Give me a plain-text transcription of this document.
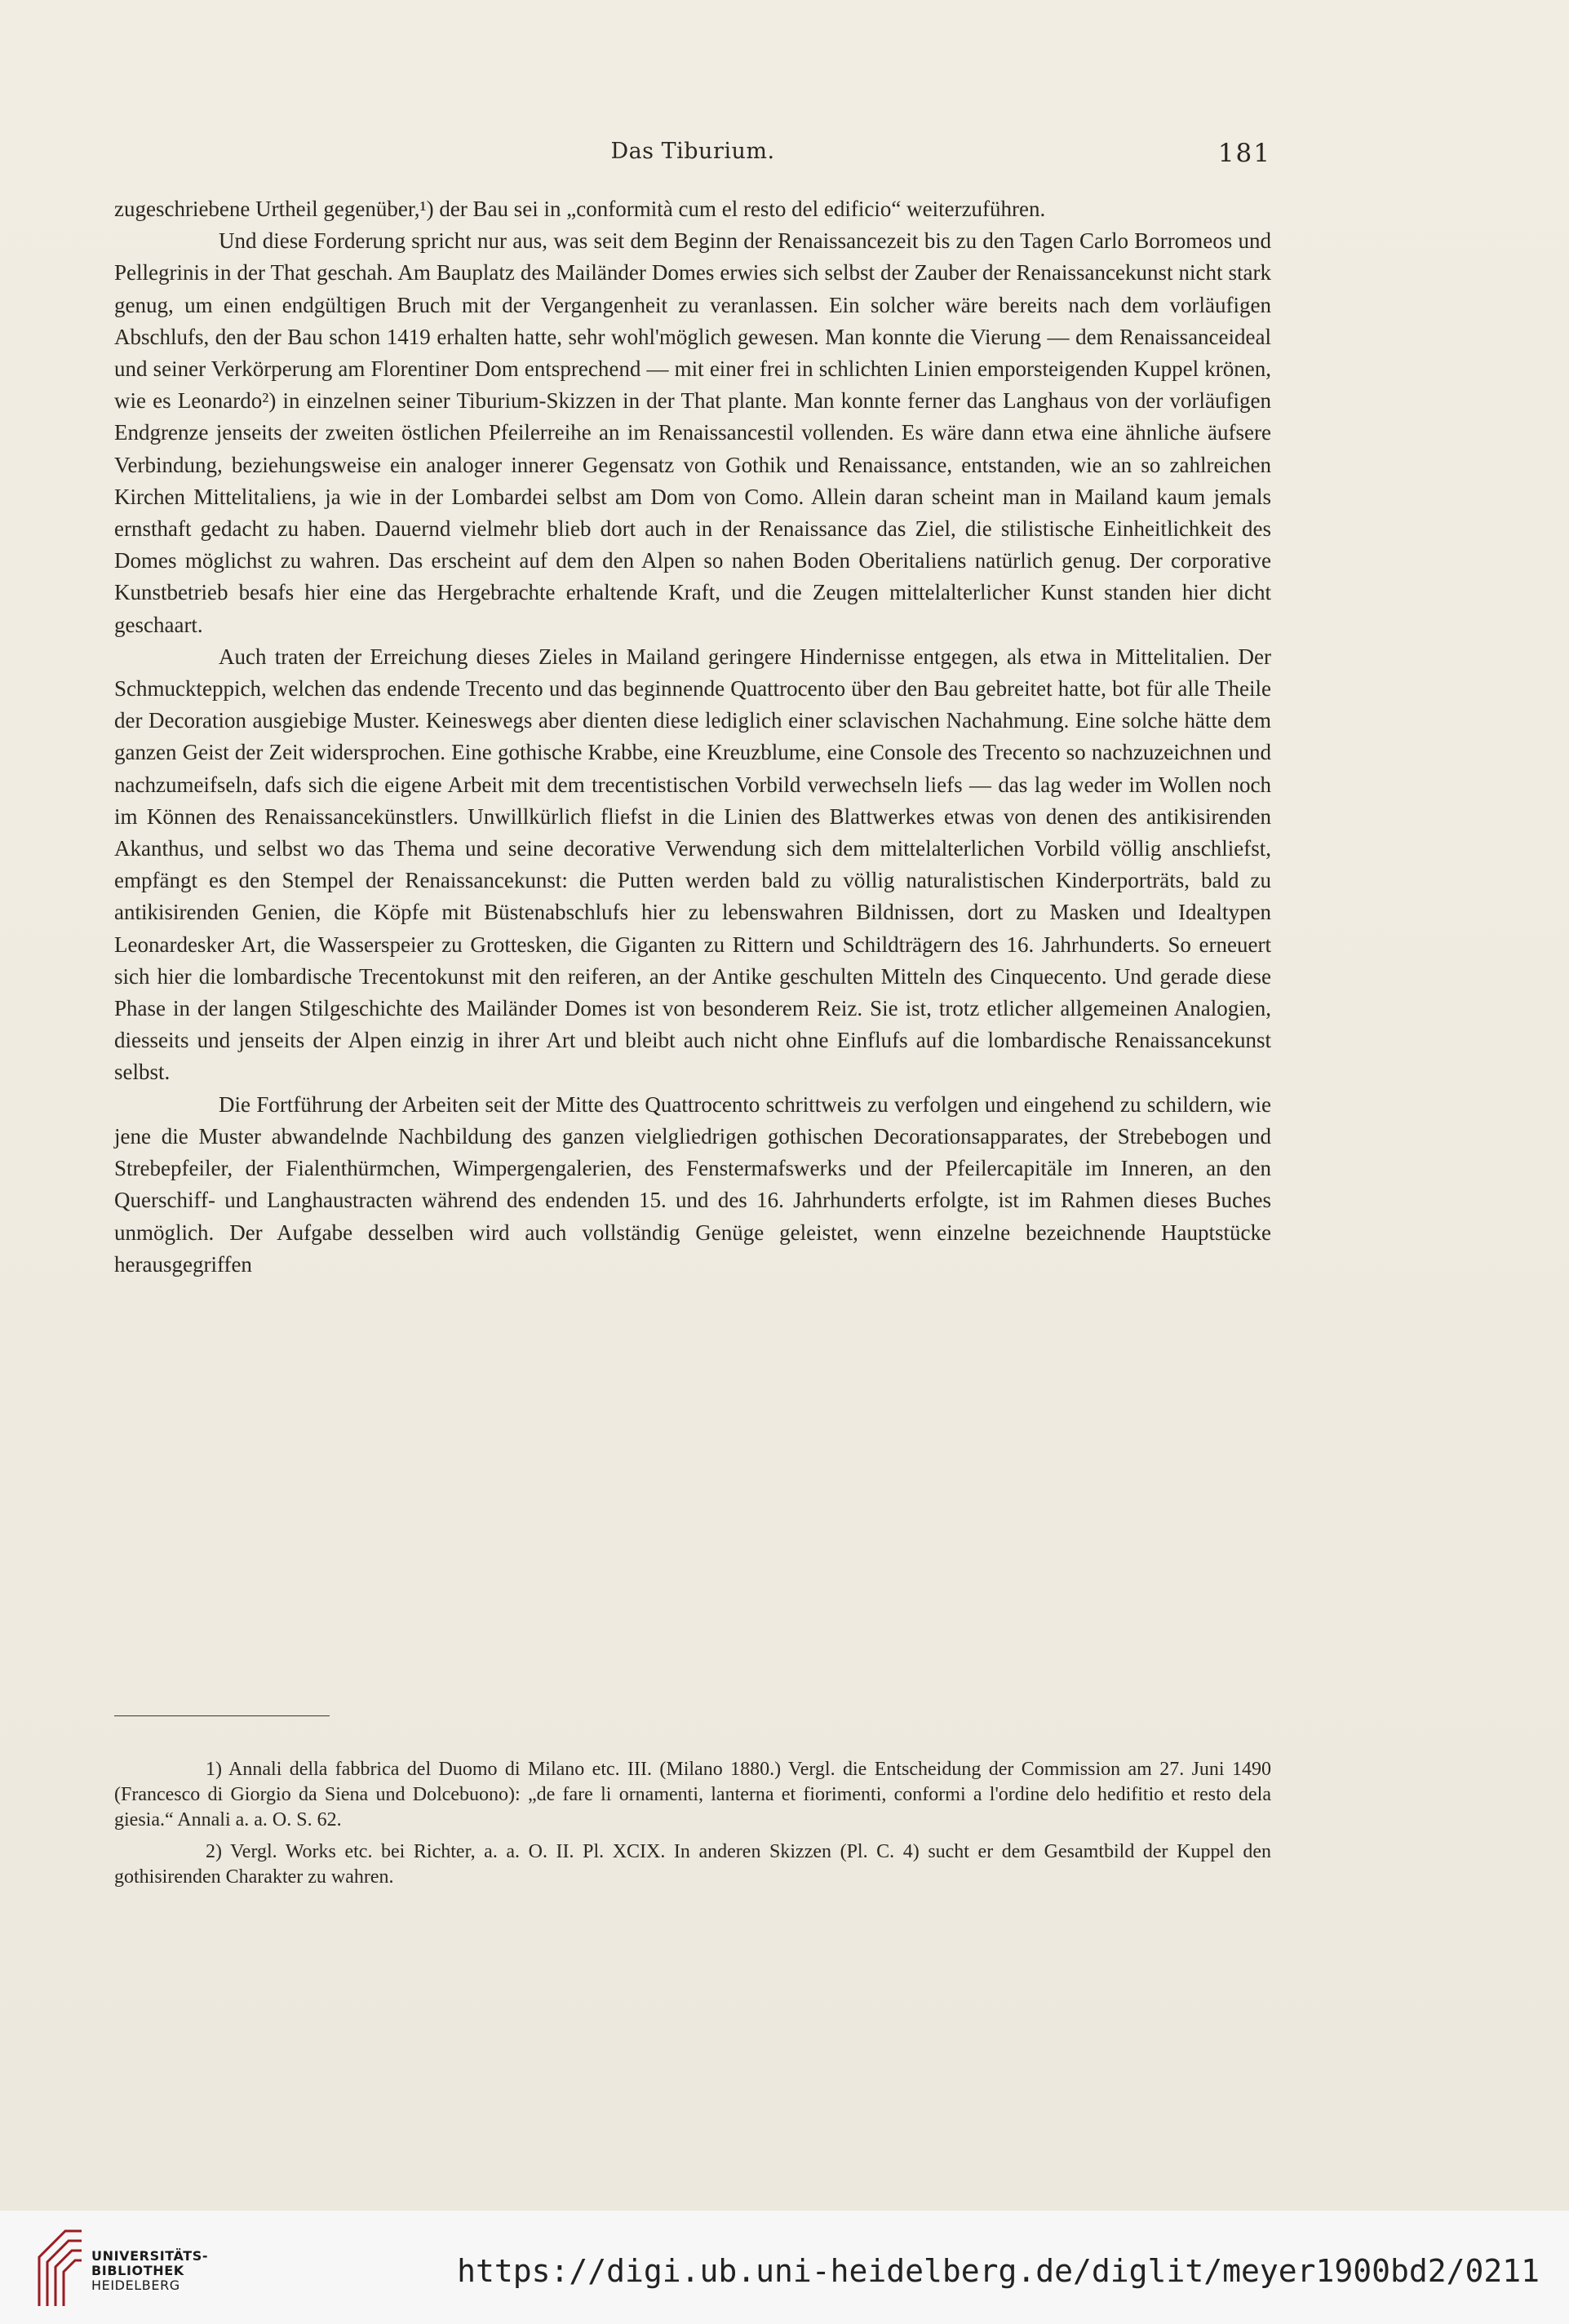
Das Tiburium.	181

zugeschriebene Urtheil gegenüber,¹) der Bau sei in „conformità cum el resto del edificio“ weiterzuführen.

Und diese Forderung spricht nur aus, was seit dem Beginn der Renaissancezeit bis zu den Tagen Carlo Borromeos und Pellegrinis in der That geschah. Am Bauplatz des Mailänder Domes erwies sich selbst der Zauber der Renaissancekunst nicht stark genug, um einen endgültigen Bruch mit der Vergangenheit zu veranlassen. Ein solcher wäre bereits nach dem vorläufigen Abschlufs, den der Bau schon 1419 erhalten hatte, sehr wohl'möglich gewesen. Man konnte die Vierung — dem Renaissanceideal und seiner Verkörperung am Florentiner Dom entsprechend — mit einer frei in schlichten Linien emporsteigenden Kuppel krönen, wie es Leonardo²) in einzelnen seiner Tiburium-Skizzen in der That plante. Man konnte ferner das Langhaus von der vorläufigen Endgrenze jenseits der zweiten östlichen Pfeilerreihe an im Renaissancestil vollenden. Es wäre dann etwa eine ähnliche äufsere Verbindung, beziehungsweise ein analoger innerer Gegensatz von Gothik und Renaissance, entstanden, wie an so zahlreichen Kirchen Mittelitaliens, ja wie in der Lombardei selbst am Dom von Como. Allein daran scheint man in Mailand kaum jemals ernsthaft gedacht zu haben. Dauernd vielmehr blieb dort auch in der Renaissance das Ziel, die stilistische Einheitlichkeit des Domes möglichst zu wahren. Das erscheint auf dem den Alpen so nahen Boden Oberitaliens natürlich genug. Der corporative Kunstbetrieb besafs hier eine das Hergebrachte erhaltende Kraft, und die Zeugen mittelalterlicher Kunst standen hier dicht geschaart.

Auch traten der Erreichung dieses Zieles in Mailand geringere Hindernisse entgegen, als etwa in Mittelitalien. Der Schmuckteppich, welchen das endende Trecento und das beginnende Quattrocento über den Bau gebreitet hatte, bot für alle Theile der Decoration ausgiebige Muster. Keineswegs aber dienten diese lediglich einer sclavischen Nachahmung. Eine solche hätte dem ganzen Geist der Zeit widersprochen. Eine gothische Krabbe, eine Kreuzblume, eine Console des Trecento so nachzuzeichnen und nachzumeifseln, dafs sich die eigene Arbeit mit dem trecentistischen Vorbild verwechseln liefs — das lag weder im Wollen noch im Können des Renaissancekünstlers. Unwillkürlich fliefst in die Linien des Blattwerkes etwas von denen des antikisirenden Akanthus, und selbst wo das Thema und seine decorative Verwendung sich dem mittelalterlichen Vorbild völlig anschliefst, empfängt es den Stempel der Renaissancekunst: die Putten werden bald zu völlig naturalistischen Kinderporträts, bald zu antikisirenden Genien, die Köpfe mit Büstenabschlufs hier zu lebenswahren Bildnissen, dort zu Masken und Idealtypen Leonardesker Art, die Wasserspeier zu Grottesken, die Giganten zu Rittern und Schildträgern des 16. Jahrhunderts. So erneuert sich hier die lombardische Trecentokunst mit den reiferen, an der Antike geschulten Mitteln des Cinquecento. Und gerade diese Phase in der langen Stilgeschichte des Mailänder Domes ist von besonderem Reiz. Sie ist, trotz etlicher allgemeinen Analogien, diesseits und jenseits der Alpen einzig in ihrer Art und bleibt auch nicht ohne Einflufs auf die lombardische Renaissancekunst selbst.

Die Fortführung der Arbeiten seit der Mitte des Quattrocento schrittweis zu verfolgen und eingehend zu schildern, wie jene die Muster abwandelnde Nachbildung des ganzen vielgliedrigen gothischen Decorationsapparates, der Strebebogen und Strebepfeiler, der Fialenthürmchen, Wimpergengalerien, des Fenstermafswerks und der Pfeilercapitäle im Inneren, an den Querschiff- und Langhaustracten während des endenden 15. und des 16. Jahrhunderts erfolgte, ist im Rahmen dieses Buches unmöglich. Der Aufgabe desselben wird auch vollständig Genüge geleistet, wenn einzelne bezeichnende Hauptstücke herausgegriffen

1) Annali della fabbrica del Duomo di Milano etc. III. (Milano 1880.) Vergl. die Entscheidung der Commission am 27. Juni 1490 (Francesco di Giorgio da Siena und Dolcebuono): „de fare li ornamenti, lanterna et fiorimenti, conformi a l'ordine delo hedifitio et resto dela giesia.“ Annali a. a. O. S. 62.

2) Vergl. Works etc. bei Richter, a. a. O. II. Pl. XCIX. In anderen Skizzen (Pl. C. 4) sucht er dem Gesamtbild der Kuppel den gothisirenden Charakter zu wahren.

UNIVERSITÄTS-
BIBLIOTHEK
HEIDELBERG	https://digi.ub.uni-heidelberg.de/diglit/meyer1900bd2/0211
